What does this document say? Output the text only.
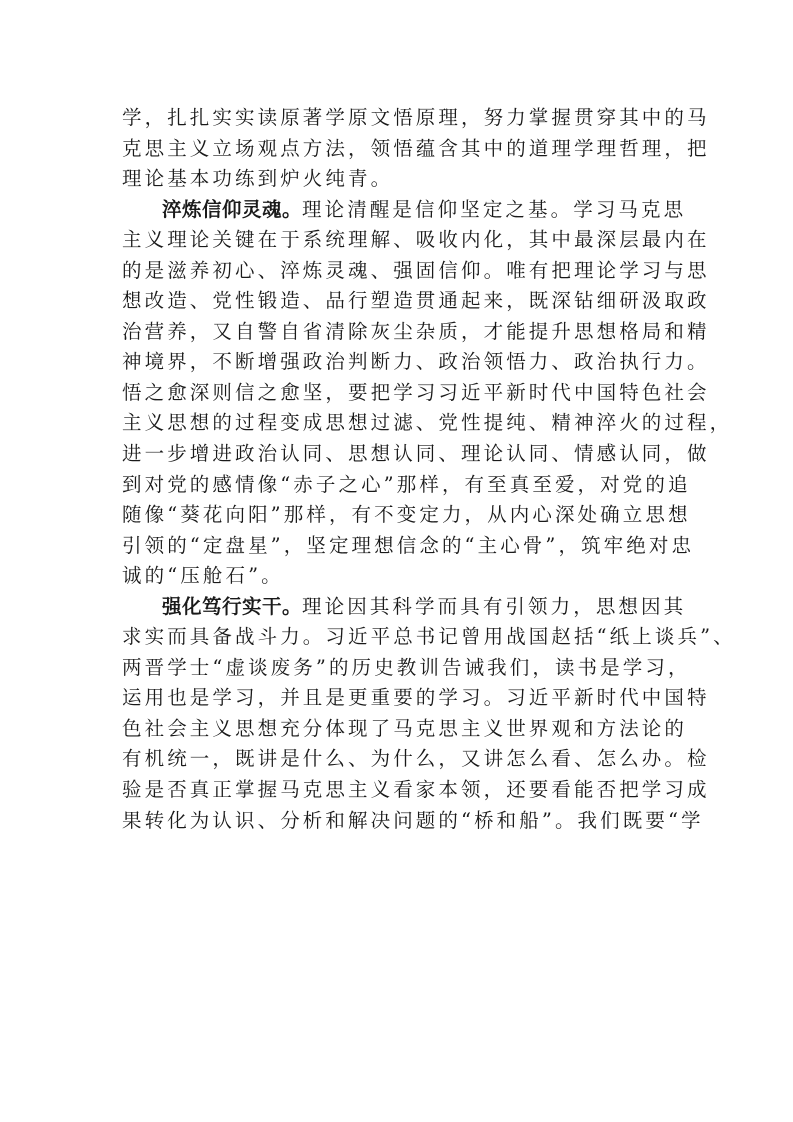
学，扎扎实实读原著学原文悟原理，努力掌握贯穿其中的马
克思主义立场观点方法，领悟蕴含其中的道理学理哲理，把
理论基本功练到炉火纯青。
淬炼信仰灵魂。理论清醒是信仰坚定之基。学习马克思
主义理论关键在于系统理解、吸收内化，其中最深层最内在
的是滋养初心、淬炼灵魂、强固信仰。唯有把理论学习与思
想改造、党性锻造、品行塑造贯通起来，既深钻细研汲取政
治营养，又自警自省清除灰尘杂质，才能提升思想格局和精
神境界，不断增强政治判断力、政治领悟力、政治执行力。
悟之愈深则信之愈坚，要把学习习近平新时代中国特色社会
主义思想的过程变成思想过滤、党性提纯、精神淬火的过程，
进一步增进政治认同、思想认同、理论认同、情感认同，做
到对党的感情像“赤子之心”那样，有至真至爱，对党的追
随像“葵花向阳”那样，有不变定力，从内心深处确立思想
引领的“定盘星”，坚定理想信念的“主心骨”，筑牢绝对忠
诚的“压舱石”。
强化笃行实干。理论因其科学而具有引领力，思想因其
求实而具备战斗力。习近平总书记曾用战国赵括“纸上谈兵”、
两晋学士“虚谈废务”的历史教训告诫我们，读书是学习，
运用也是学习，并且是更重要的学习。习近平新时代中国特
色社会主义思想充分体现了马克思主义世界观和方法论的
有机统一，既讲是什么、为什么，又讲怎么看、怎么办。检
验是否真正掌握马克思主义看家本领，还要看能否把学习成
果转化为认识、分析和解决问题的“桥和船”。我们既要“学
